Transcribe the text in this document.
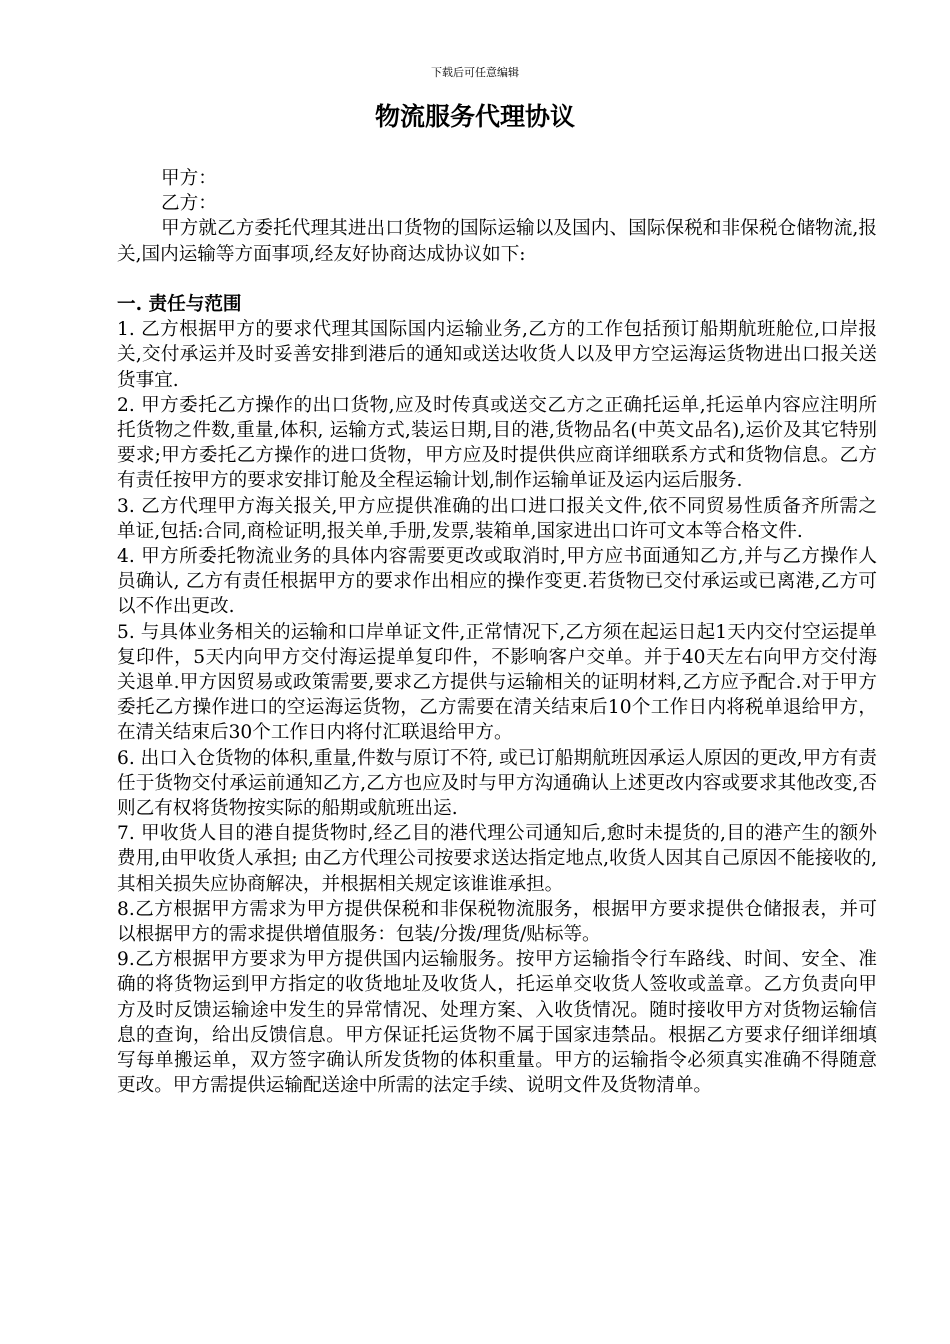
下载后可任意编辑
物流服务代理协议

甲方：

乙方：

甲方就乙方委托代理其进出口货物的国际运输以及国内、国际保税和非保税仓储物流,报关,国内运输等方面事项,经友好协商达成协议如下:

一. 责任与范围

1. 乙方根据甲方的要求代理其国际国内运输业务,乙方的工作包括预订船期航班舱位,口岸报关,交付承运并及时妥善安排到港后的通知或送达收货人以及甲方空运海运货物进出口报关送货事宜.

2. 甲方委托乙方操作的出口货物,应及时传真或送交乙方之正确托运单,托运单内容应注明所托货物之件数,重量,体积, 运输方式,装运日期,目的港,货物品名(中英文品名),运价及其它特别要求;甲方委托乙方操作的进口货物，甲方应及时提供供应商详细联系方式和货物信息。乙方有责任按甲方的要求安排订舱及全程运输计划,制作运输单证及运内运后服务.

3. 乙方代理甲方海关报关,甲方应提供准确的出口进口报关文件,依不同贸易性质备齐所需之单证,包括:合同,商检证明,报关单,手册,发票,装箱单,国家进出口许可文本等合格文件.

4. 甲方所委托物流业务的具体内容需要更改或取消时,甲方应书面通知乙方,并与乙方操作人员确认, 乙方有责任根据甲方的要求作出相应的操作变更.若货物已交付承运或已离港,乙方可以不作出更改.

5. 与具体业务相关的运输和口岸单证文件,正常情况下,乙方须在起运日起1天内交付空运提单复印件，5天内向甲方交付海运提单复印件，不影响客户交单。并于40天左右向甲方交付海关退单.甲方因贸易或政策需要,要求乙方提供与运输相关的证明材料,乙方应予配合.对于甲方委托乙方操作进口的空运海运货物，乙方需要在清关结束后10个工作日内将税单退给甲方，在清关结束后30个工作日内将付汇联退给甲方。

6. 出口入仓货物的体积,重量,件数与原订不符, 或已订船期航班因承运人原因的更改,甲方有责任于货物交付承运前通知乙方,乙方也应及时与甲方沟通确认上述更改内容或要求其他改变,否则乙有权将货物按实际的船期或航班出运.

7. 甲收货人目的港自提货物时,经乙目的港代理公司通知后,愈时未提货的,目的港产生的额外费用,由甲收货人承担; 由乙方代理公司按要求送达指定地点,收货人因其自己原因不能接收的, 其相关损失应协商解决，并根据相关规定该谁谁承担。

8.乙方根据甲方需求为甲方提供保税和非保税物流服务，根据甲方要求提供仓储报表，并可以根据甲方的需求提供增值服务：包装/分拨/理货/贴标等。

9.乙方根据甲方要求为甲方提供国内运输服务。按甲方运输指令行车路线、时间、安全、准确的将货物运到甲方指定的收货地址及收货人，托运单交收货人签收或盖章。乙方负责向甲方及时反馈运输途中发生的异常情况、处理方案、入收货情况。随时接收甲方对货物运输信息的查询，给出反馈信息。甲方保证托运货物不属于国家违禁品。根据乙方要求仔细详细填写每单搬运单，双方签字确认所发货物的体积重量。甲方的运输指令必须真实准确不得随意更改。甲方需提供运输配送途中所需的法定手续、说明文件及货物清单。
